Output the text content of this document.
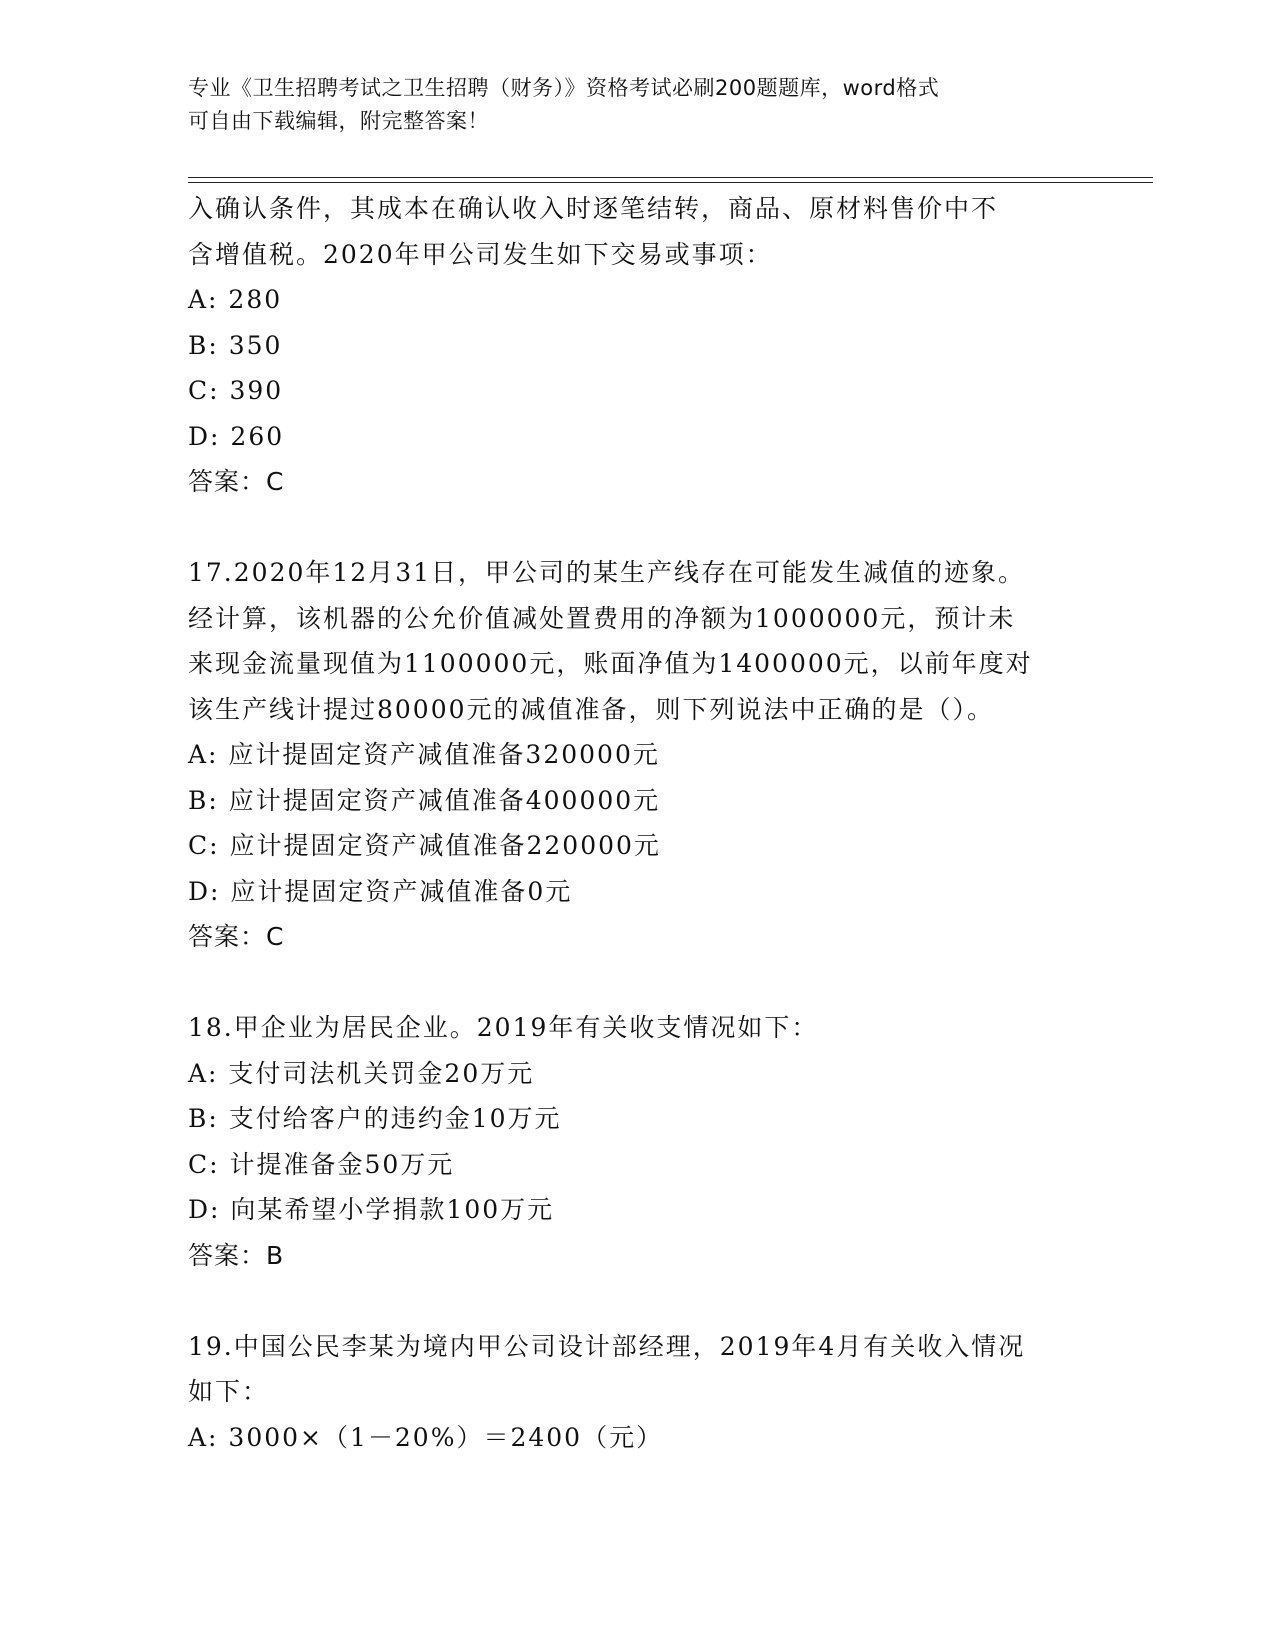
专业《卫生招聘考试之卫生招聘（财务）》资格考试必刷200题题库，word格式

可自由下载编辑，附完整答案！

入确认条件，其成本在确认收入时逐笔结转，商品、原材料售价中不

含增值税。2020年甲公司发生如下交易或事项：

A: 280

B: 350

C: 390

D: 260

答案：C

17.2020年12月31日，甲公司的某生产线存在可能发生减值的迹象。

经计算，该机器的公允价值减处置费用的净额为1000000元，预计未

来现金流量现值为1100000元，账面净值为1400000元，以前年度对

该生产线计提过80000元的减值准备，则下列说法中正确的是（）。

A: 应计提固定资产减值准备320000元

B: 应计提固定资产减值准备400000元

C: 应计提固定资产减值准备220000元

D: 应计提固定资产减值准备0元

答案：C

18.甲企业为居民企业。2019年有关收支情况如下：

A: 支付司法机关罚金20万元

B: 支付给客户的违约金10万元

C: 计提准备金50万元

D: 向某希望小学捐款100万元

答案：B

19.中国公民李某为境内甲公司设计部经理，2019年4月有关收入情况

如下：

A: 3000×（1－20%）＝2400（元）
